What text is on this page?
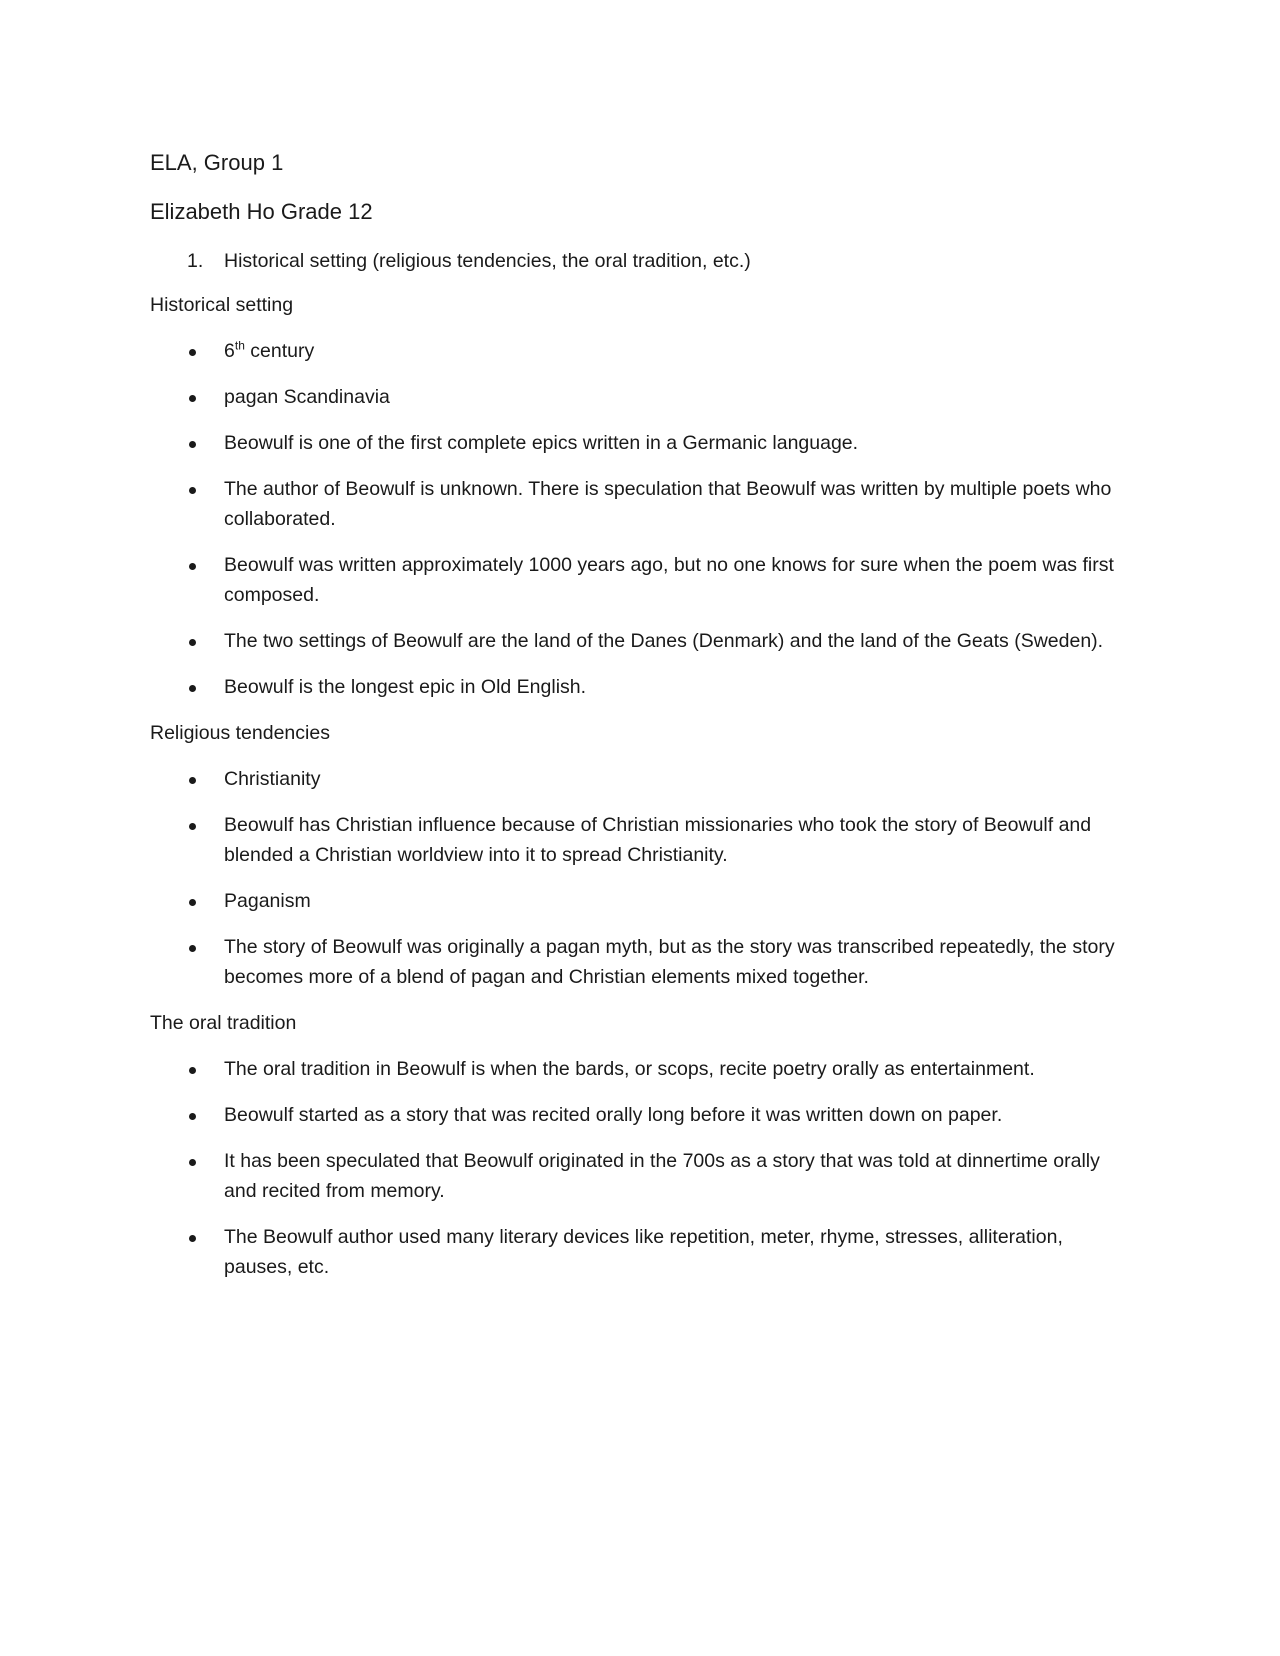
ELA, Group 1
Elizabeth Ho Grade 12
1.	Historical setting (religious tendencies, the oral tradition, etc.)
Historical setting
6th century
pagan Scandinavia
Beowulf is one of the first complete epics written in a Germanic language.
The author of Beowulf is unknown. There is speculation that Beowulf was written by multiple poets who collaborated.
Beowulf was written approximately 1000 years ago, but no one knows for sure when the poem was first composed.
The two settings of Beowulf are the land of the Danes (Denmark) and the land of the Geats (Sweden).
Beowulf is the longest epic in Old English.
Religious tendencies
Christianity
Beowulf has Christian influence because of Christian missionaries who took the story of Beowulf and blended a Christian worldview into it to spread Christianity.
Paganism
The story of Beowulf was originally a pagan myth, but as the story was transcribed repeatedly, the story becomes more of a blend of pagan and Christian elements mixed together.
The oral tradition
The oral tradition in Beowulf is when the bards, or scops, recite poetry orally as entertainment.
Beowulf started as a story that was recited orally long before it was written down on paper.
It has been speculated that Beowulf originated in the 700s as a story that was told at dinnertime orally and recited from memory.
The Beowulf author used many literary devices like repetition, meter, rhyme, stresses, alliteration, pauses, etc.
